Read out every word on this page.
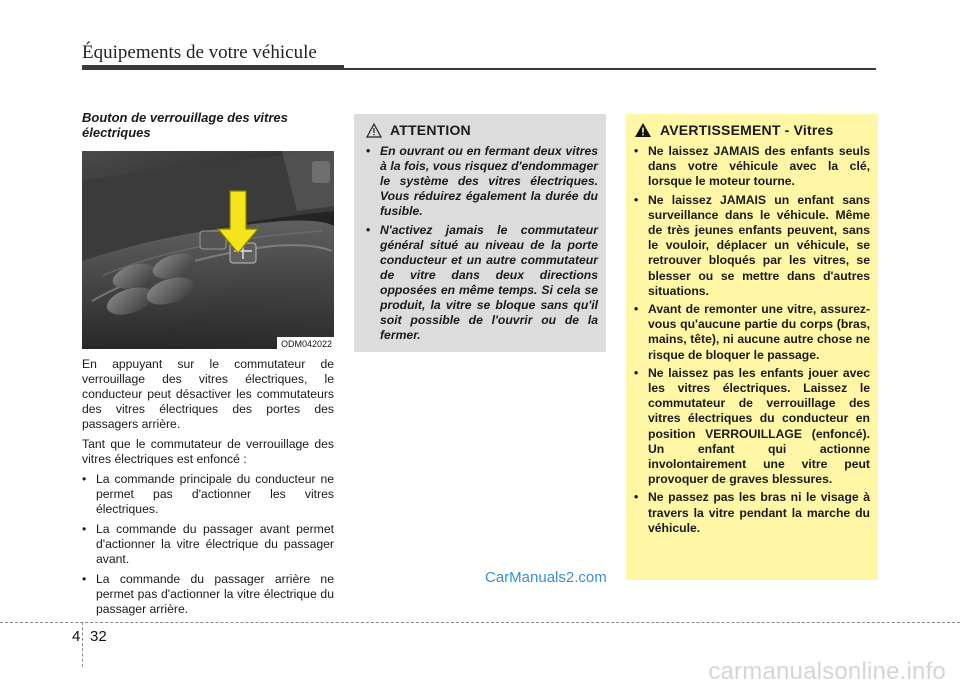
Équipements de votre véhicule
Bouton de verrouillage des vitres électriques
ODM042022

En appuyant sur le commutateur de verrouillage des vitres électriques, le conducteur peut désactiver les commutateurs des vitres électriques des portes des passagers arrière.

Tant que le commutateur de verrouillage des vitres électriques est enfoncé :

• La commande principale du conducteur ne permet pas d'actionner les vitres électriques.
• La commande du passager avant permet d'actionner la vitre électrique du passager avant.
• La commande du passager arrière ne permet pas d'actionner la vitre électrique du passager arrière.
ATTENTION
• En ouvrant ou en fermant deux vitres à la fois, vous risquez d'endommager le système des vitres électriques. Vous réduirez également la durée du fusible.
• N'activez jamais le commutateur général situé au niveau de la porte conducteur et un autre commutateur de vitre dans deux directions opposées en même temps. Si cela se produit, la vitre se bloque sans qu'il soit possible de l'ouvrir ou de la fermer.
AVERTISSEMENT - Vitres
• Ne laissez JAMAIS des enfants seuls dans votre véhicule avec la clé, lorsque le moteur tourne.
• Ne laissez JAMAIS un enfant sans surveillance dans le véhicule. Même de très jeunes enfants peuvent, sans le vouloir, déplacer un véhicule, se retrouver bloqués par les vitres, se blesser ou se mettre dans d'autres situations.
• Avant de remonter une vitre, assurez-vous qu'aucune partie du corps (bras, mains, tête), ni aucune autre chose ne risque de bloquer le passage.
• Ne laissez pas les enfants jouer avec les vitres électriques. Laissez le commutateur de verrouillage des vitres électriques du conducteur en position VERROUILLAGE (enfoncé). Un enfant qui actionne involontairement une vitre peut provoquer de graves blessures.
• Ne passez pas les bras ni le visage à travers la vitre pendant la marche du véhicule.
CarManuals2.com
4 32
carmanualsonline.info
